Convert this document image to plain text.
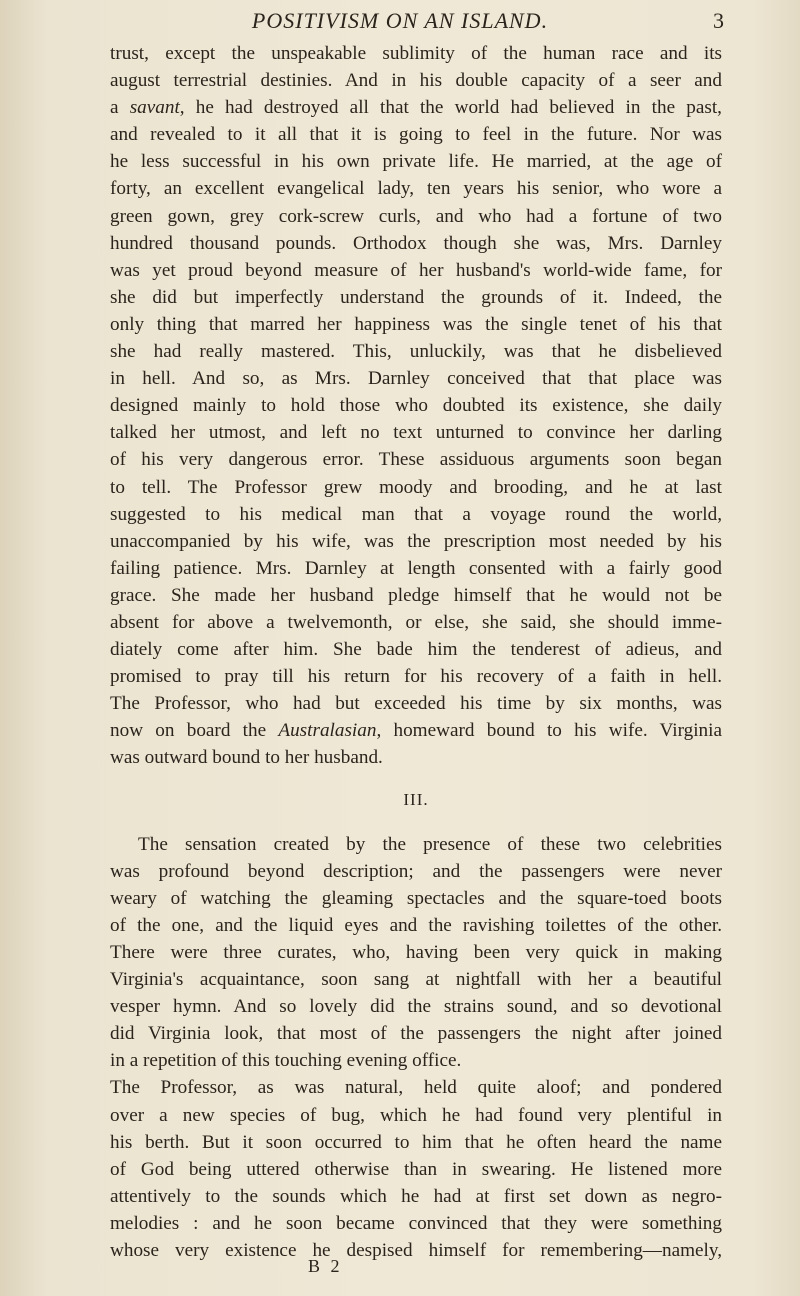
POSITIVISM ON AN ISLAND.	3
trust, except the unspeakable sublimity of the human race and its
august terrestrial destinies. And in his double capacity of a seer and
a savant, he had destroyed all that the world had believed in the past,
and revealed to it all that it is going to feel in the future. Nor was
he less successful in his own private life. He married, at the age of
forty, an excellent evangelical lady, ten years his senior, who wore a
green gown, grey cork-screw curls, and who had a fortune of two
hundred thousand pounds. Orthodox though she was, Mrs. Darnley
was yet proud beyond measure of her husband's world-wide fame, for
she did but imperfectly understand the grounds of it. Indeed, the
only thing that marred her happiness was the single tenet of his that
she had really mastered. This, unluckily, was that he disbelieved
in hell. And so, as Mrs. Darnley conceived that that place was
designed mainly to hold those who doubted its existence, she daily
talked her utmost, and left no text unturned to convince her darling
of his very dangerous error. These assiduous arguments soon began
to tell. The Professor grew moody and brooding, and he at last
suggested to his medical man that a voyage round the world,
unaccompanied by his wife, was the prescription most needed by his
failing patience. Mrs. Darnley at length consented with a fairly good
grace. She made her husband pledge himself that he would not be
absent for above a twelvemonth, or else, she said, she should imme-
diately come after him. She bade him the tenderest of adieus, and
promised to pray till his return for his recovery of a faith in hell.
The Professor, who had but exceeded his time by six months, was
now on board the Australasian, homeward bound to his wife. Virginia
was outward bound to her husband.
III.
The sensation created by the presence of these two celebrities
was profound beyond description; and the passengers were never
weary of watching the gleaming spectacles and the square-toed boots
of the one, and the liquid eyes and the ravishing toilettes of the other.
There were three curates, who, having been very quick in making
Virginia's acquaintance, soon sang at nightfall with her a beautiful
vesper hymn. And so lovely did the strains sound, and so devotional
did Virginia look, that most of the passengers the night after joined
in a repetition of this touching evening office.
The Professor, as was natural, held quite aloof; and pondered
over a new species of bug, which he had found very plentiful in
his berth. But it soon occurred to him that he often heard the name
of God being uttered otherwise than in swearing. He listened more
attentively to the sounds which he had at first set down as negro-
melodies : and he soon became convinced that they were something
whose very existence he despised himself for remembering—namely,
B 2
